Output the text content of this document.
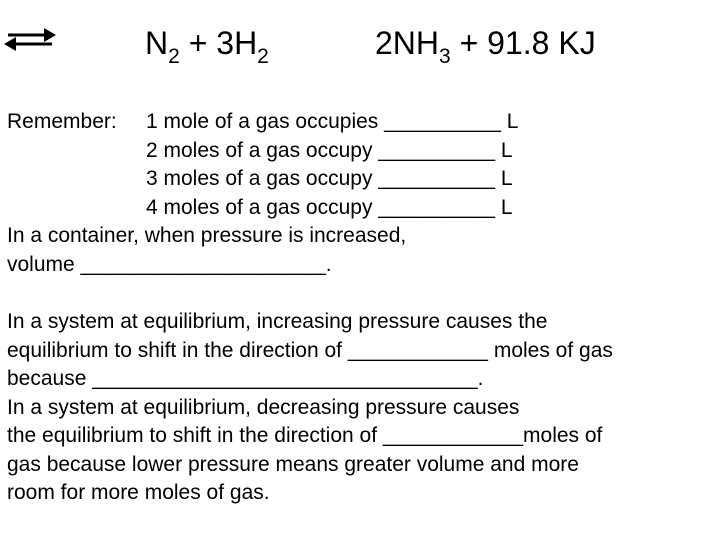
$N_2 + 3H_2$	$2NH_3 + 91.8$ KJ
Remember: 1 mole of a gas occupies __________ L
2 moles of a gas occupy __________ L
3 moles of a gas occupy __________ L
4 moles of a gas occupy __________ L
In a container, when pressure is increased,
volume _____________________.
In a system at equilibrium, increasing pressure causes the
equilibrium to shift in the direction of ____________ moles of gas
because _________________________________.
In a system at equilibrium, decreasing pressure causes
the equilibrium to shift in the direction of ____________moles of
gas because lower pressure means greater volume and more
room for more moles of gas.
